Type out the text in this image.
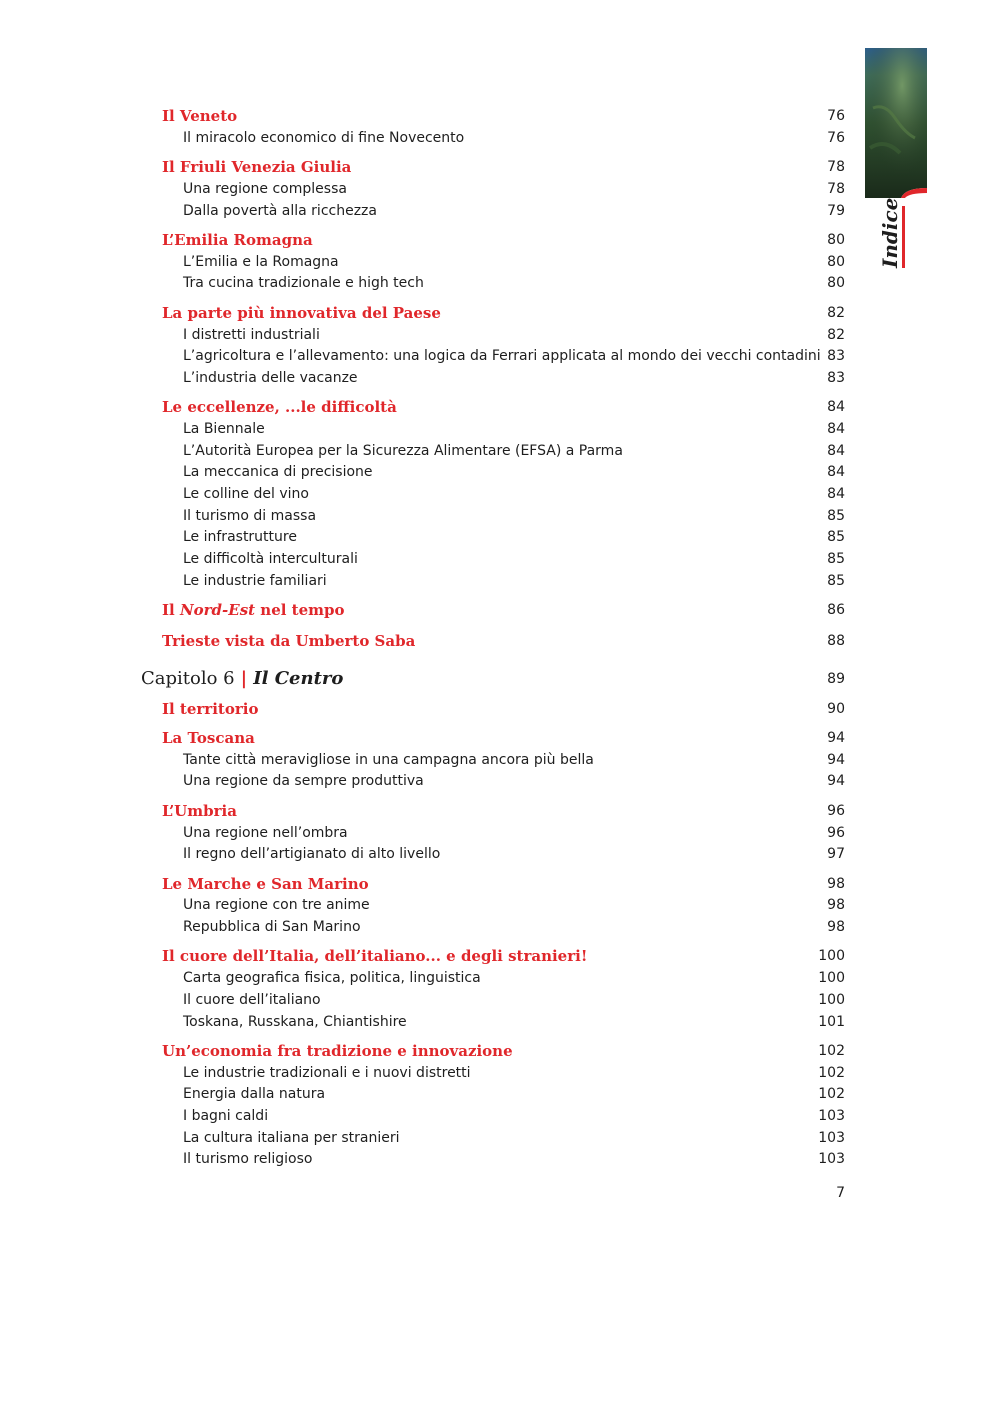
Indice
Il Veneto	76
Il miracolo economico di fine Novecento	76
Il Friuli Venezia Giulia	78
Una regione complessa	78
Dalla povertà alla ricchezza	79
L’Emilia Romagna	80
L’Emilia e la Romagna	80
Tra cucina tradizionale e high tech	80
La parte più innovativa del Paese	82
I distretti industriali	82
L’agricoltura e l’allevamento: una logica da Ferrari applicata al mondo dei vecchi contadini 83
L’industria delle vacanze	83
Le eccellenze, ...le difficoltà	84
La Biennale	84
L’Autorità Europea per la Sicurezza Alimentare (EFSA) a Parma	84
La meccanica di precisione	84
Le colline del vino	84
Il turismo di massa	85
Le infrastrutture	85
Le difficoltà interculturali	85
Le industrie familiari	85
Il Nord-Est nel tempo	86
Trieste vista da Umberto Saba	88
Capitolo 6 | Il Centro	89
Il territorio	90
La Toscana	94
Tante città meravigliose in una campagna ancora più bella	94
Una regione da sempre produttiva	94
L’Umbria	96
Una regione nell’ombra	96
Il regno dell’artigianato di alto livello	97
Le Marche e San Marino	98
Una regione con tre anime	98
Repubblica di San Marino	98
Il cuore dell’Italia, dell’italiano... e degli stranieri!	100
Carta geografica fisica, politica, linguistica	100
Il cuore dell’italiano	100
Toskana, Russkana, Chiantishire	101
Un’economia fra tradizione e innovazione	102
Le industrie tradizionali e i nuovi distretti	102
Energia dalla natura	102
I bagni caldi	103
La cultura italiana per stranieri	103
Il turismo religioso	103
7
